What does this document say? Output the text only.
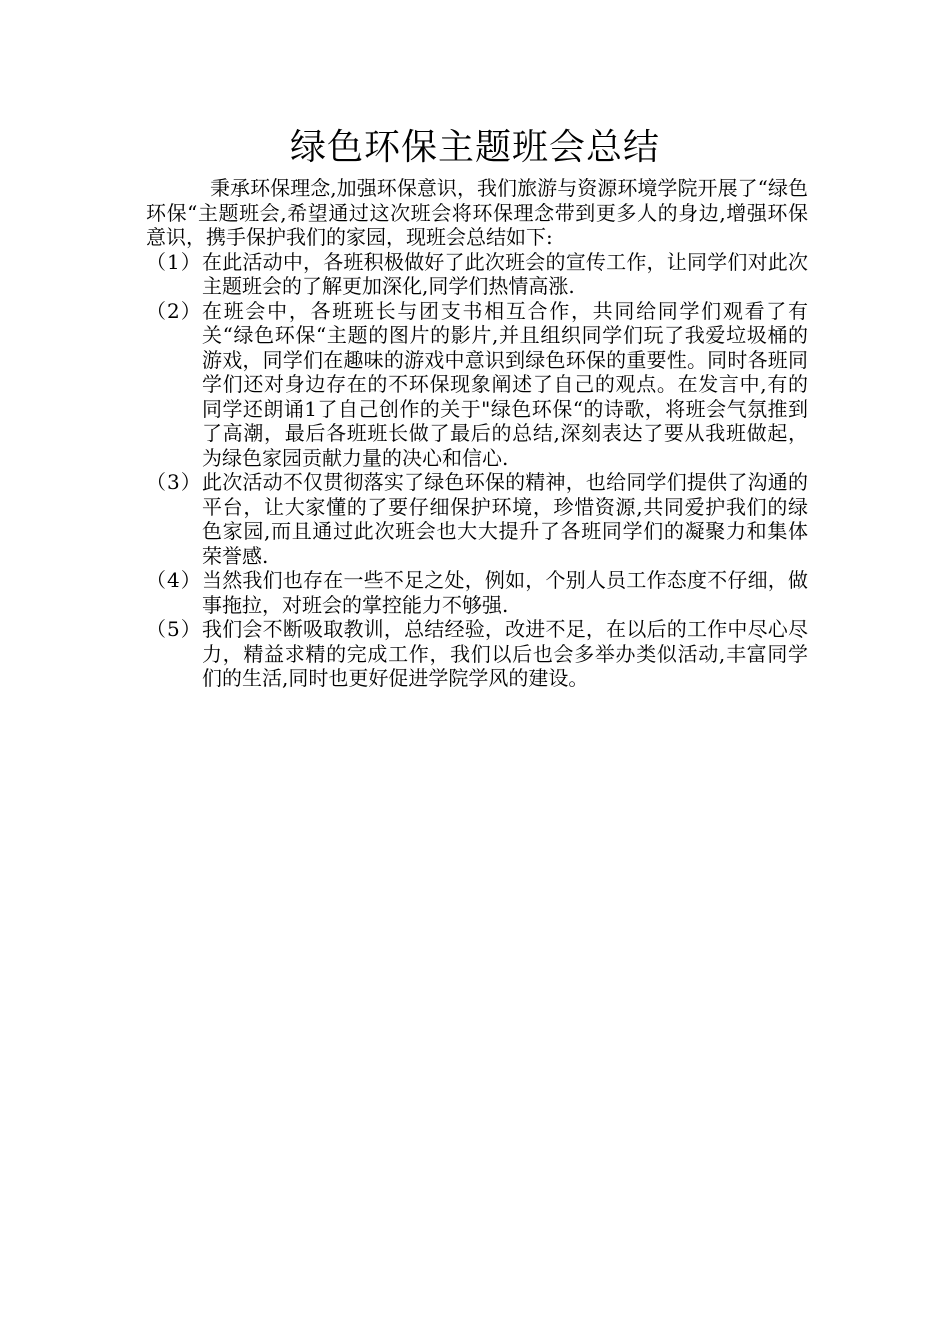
绿色环保主题班会总结

秉承环保理念,加强环保意识，我们旅游与资源环境学院开展了“绿色环保“主题班会,希望通过这次班会将环保理念带到更多人的身边,增强环保意识，携手保护我们的家园，现班会总结如下:

（1） 在此活动中，各班积极做好了此次班会的宣传工作，让同学们对此次主题班会的了解更加深化,同学们热情高涨.
（2） 在班会中，各班班长与团支书相互合作，共同给同学们观看了有关“绿色环保“主题的图片的影片,并且组织同学们玩了我爱垃圾桶的游戏，同学们在趣味的游戏中意识到绿色环保的重要性。同时各班同学们还对身边存在的不环保现象阐述了自己的观点。在发言中,有的同学还朗诵1了自己创作的关于"绿色环保“的诗歌，将班会气氛推到了高潮，最后各班班长做了最后的总结,深刻表达了要从我班做起，为绿色家园贡献力量的决心和信心.
（3） 此次活动不仅贯彻落实了绿色环保的精神，也给同学们提供了沟通的平台，让大家懂的了要仔细保护环境，珍惜资源,共同爱护我们的绿色家园,而且通过此次班会也大大提升了各班同学们的凝聚力和集体荣誉感.
（4） 当然我们也存在一些不足之处，例如，个别人员工作态度不仔细，做事拖拉，对班会的掌控能力不够强.
（5） 我们会不断吸取教训，总结经验，改进不足，在以后的工作中尽心尽力，精益求精的完成工作，我们以后也会多举办类似活动,丰富同学们的生活,同时也更好促进学院学风的建设。
